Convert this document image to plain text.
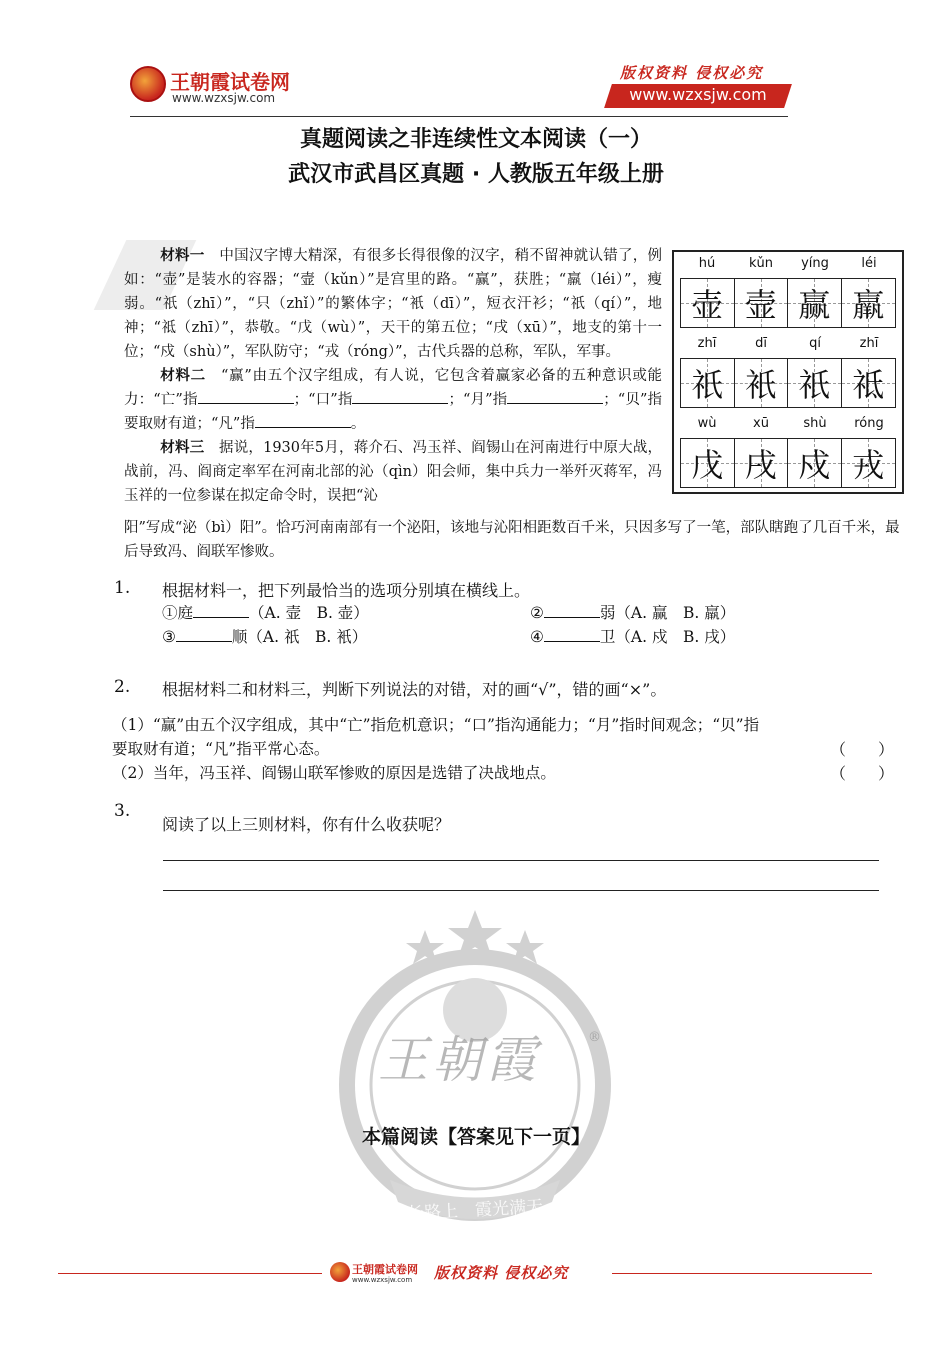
王朝霞试卷网
www.wzxsjw.com
版权资料 侵权必究
www.wzxsjw.com
真题阅读之非连续性文本阅读（一）
武汉市武昌区真题 · 人教版五年级上册
材料一　 中国汉字博大精深，有很多长得很像的汉字，稍不留神就认错了，例如：“壶”是装水的容器；“壸（kǔn）”是宫里的路。“赢”，获胜；“羸（léi）”，瘦弱。“祇（zhī）”，“只（zhǐ）”的繁体字；“衹（dī）”，短衣汗衫；“祇（qí）”，地神；“祗（zhī）”，恭敬。“戊（wù）”，天干的第五位；“戌（xū）”，地支的第十一位；“戍（shù）”，军队防守；“戎（róng）”，古代兵器的总称，军队，军事。
材料二　 “赢”由五个汉字组成，有人说，它包含着赢家必备的五种意识或能力：“亡”指	；“口”指	；“月”指	；“贝”指要取财有道；“凡”指	。
材料三　 据说，1930年5月，蒋介石、冯玉祥、阎锡山在河南进行中原大战，战前，冯、阎商定率军在河南北部的沁（qìn）阳会师，集中兵力一举歼灭蒋军，冯玉祥的一位参谋在拟定命令时，误把“沁
阳”写成“泌（bì）阳”。恰巧河南南部有一个泌阳，该地与沁阳相距数百千米，只因多写了一笔，部队瞎跑了几百千米，最后导致冯、阎联军惨败。
hú	kǔn	yíng	léi
壶 壸 赢 羸
zhī	dī	qí	zhī
祇 衹 祇 祗
wù	xū	shù	róng
戊 戌 戍 戎
1. 根据材料一，把下列最恰当的选项分别填在横线上。
①庭	（A. 壸　B. 壶）	②	弱（A. 赢　B. 羸）
③	顺（A. 祇　B. 衹）	④	卫（A. 戍　B. 戌）
2. 根据材料二和材料三，判断下列说法的对错，对的画“√”，错的画“×”。
（1）“赢”由五个汉字组成，其中“亡”指危机意识；“口”指沟通能力；“月”指时间观念；“贝”指
要取财有道；“凡”指平常心态。	（　　）
（2）当年，冯玉祥、阎锡山联军惨败的原因是选错了决战地点。	（　　）
3.
阅读了以上三则材料，你有什么收获呢？
王朝霞	®
成长路上　霞光满天
本篇阅读【答案见下一页】
王朝霞试卷网
www.wzxsjw.com 版权资料 侵权必究
